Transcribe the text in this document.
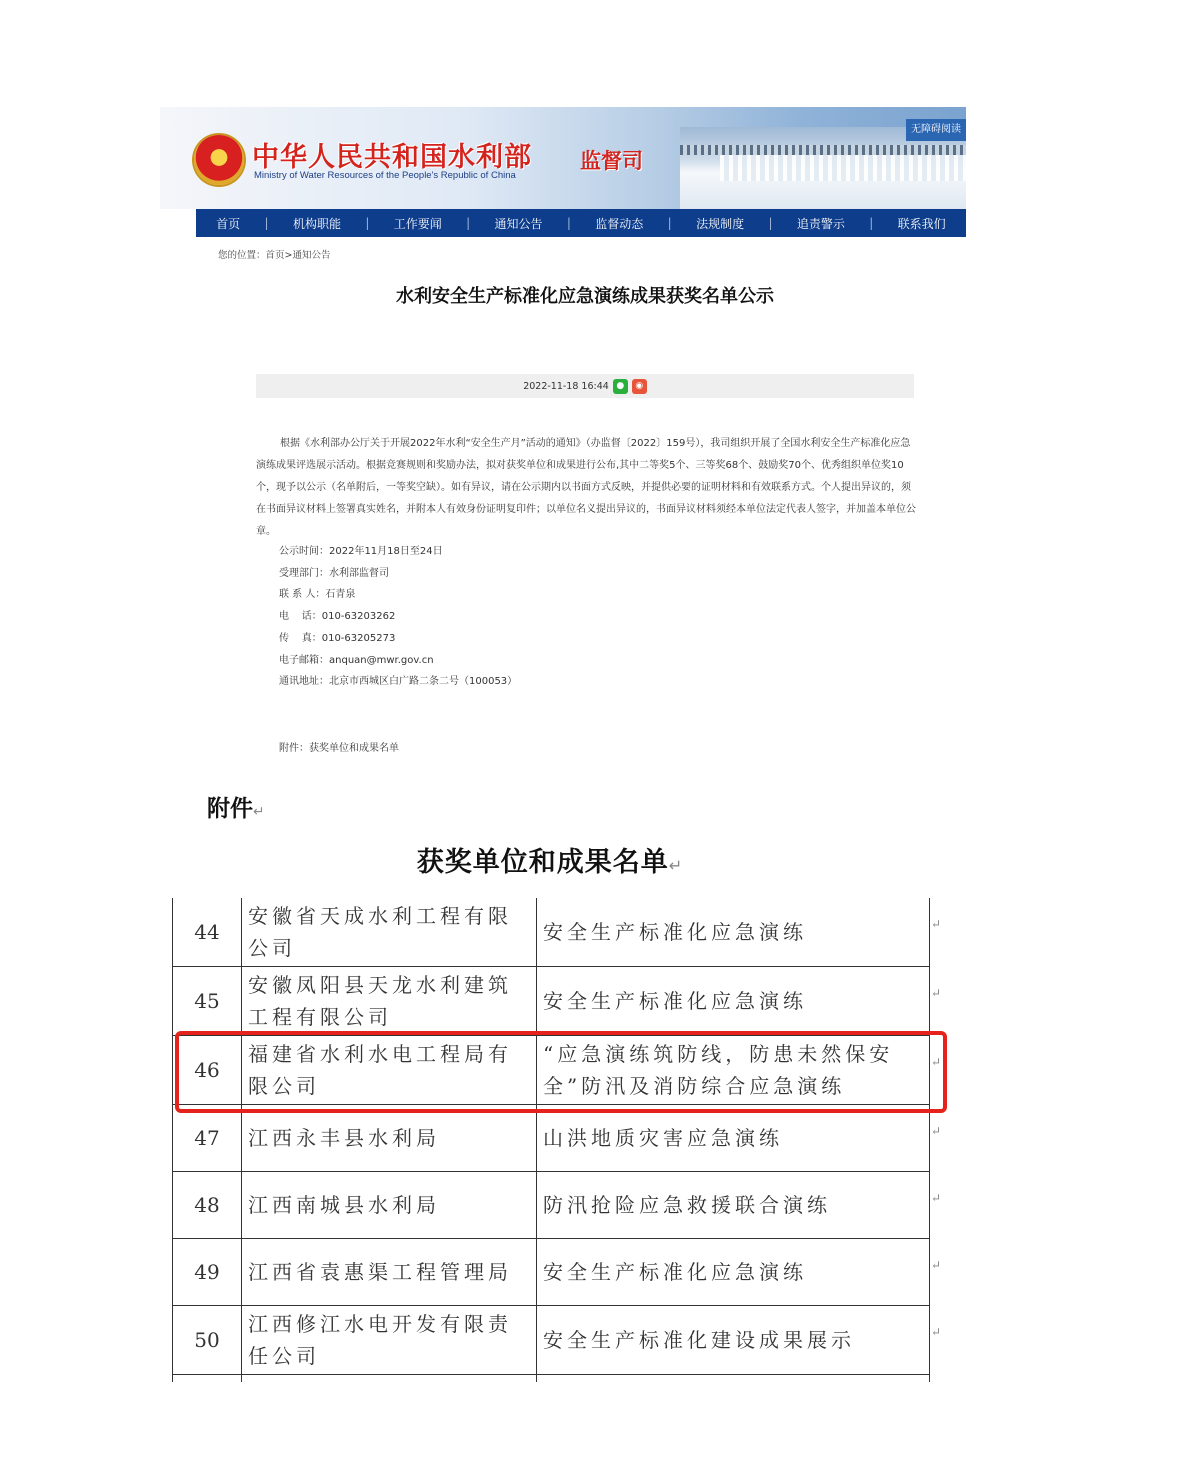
中华人民共和国水利部
Ministry of Water Resources of the People's Republic of China
监督司
无障碍阅读
首页 | 机构职能 | 工作要闻 | 通知公告 | 监督动态 | 法规制度 | 追责警示 | 联系我们
您的位置：首页>通知公告
水利安全生产标准化应急演练成果获奖名单公示
2022-11-18 16:44 ●	◉

根据《水利部办公厅关于开展2022年水利“安全生产月”活动的通知》（办监督〔2022〕159号），我司组织开展了全国水利安全生产标准化应急演练成果评选展示活动。根据竞赛规则和奖励办法，拟对获奖单位和成果进行公布,其中二等奖5个、三等奖68个、鼓励奖70个、优秀组织单位奖10个，现予以公示（名单附后，一等奖空缺）。如有异议，请在公示期内以书面方式反映，并提供必要的证明材料和有效联系方式。个人提出异议的，须在书面异议材料上签署真实姓名，并附本人有效身份证明复印件；以单位名义提出异议的，书面异议材料须经本单位法定代表人签字，并加盖本单位公章。

公示时间：2022年11月18日至24日
受理部门：水利部监督司
联 系 人：石青泉
电    话：010-63203262
传    真：010-63205273
电子邮箱：anquan@mwr.gov.cn
通讯地址：北京市西城区白广路二条二号（100053）
附件：获奖单位和成果名单
附件↵
获奖单位和成果名单↵
44	安徽省天成水利工程有限公司	安全生产标准化应急演练 ↵

45	安徽凤阳县天龙水利建筑工程有限公司	安全生产标准化应急演练 ↵

46	福建省水利水电工程局有限公司	“应急演练筑防线，防患未然保安全”防汛及消防综合应急演练
↵

47	江西永丰县水利局	山洪地质灾害应急演练 ↵

48	江西南城县水利局	防汛抢险应急救援联合演练 ↵

49	江西省袁惠渠工程管理局	安全生产标准化应急演练 ↵

50	江西修江水电开发有限责任公司	安全生产标准化建设成果展示 ↵
